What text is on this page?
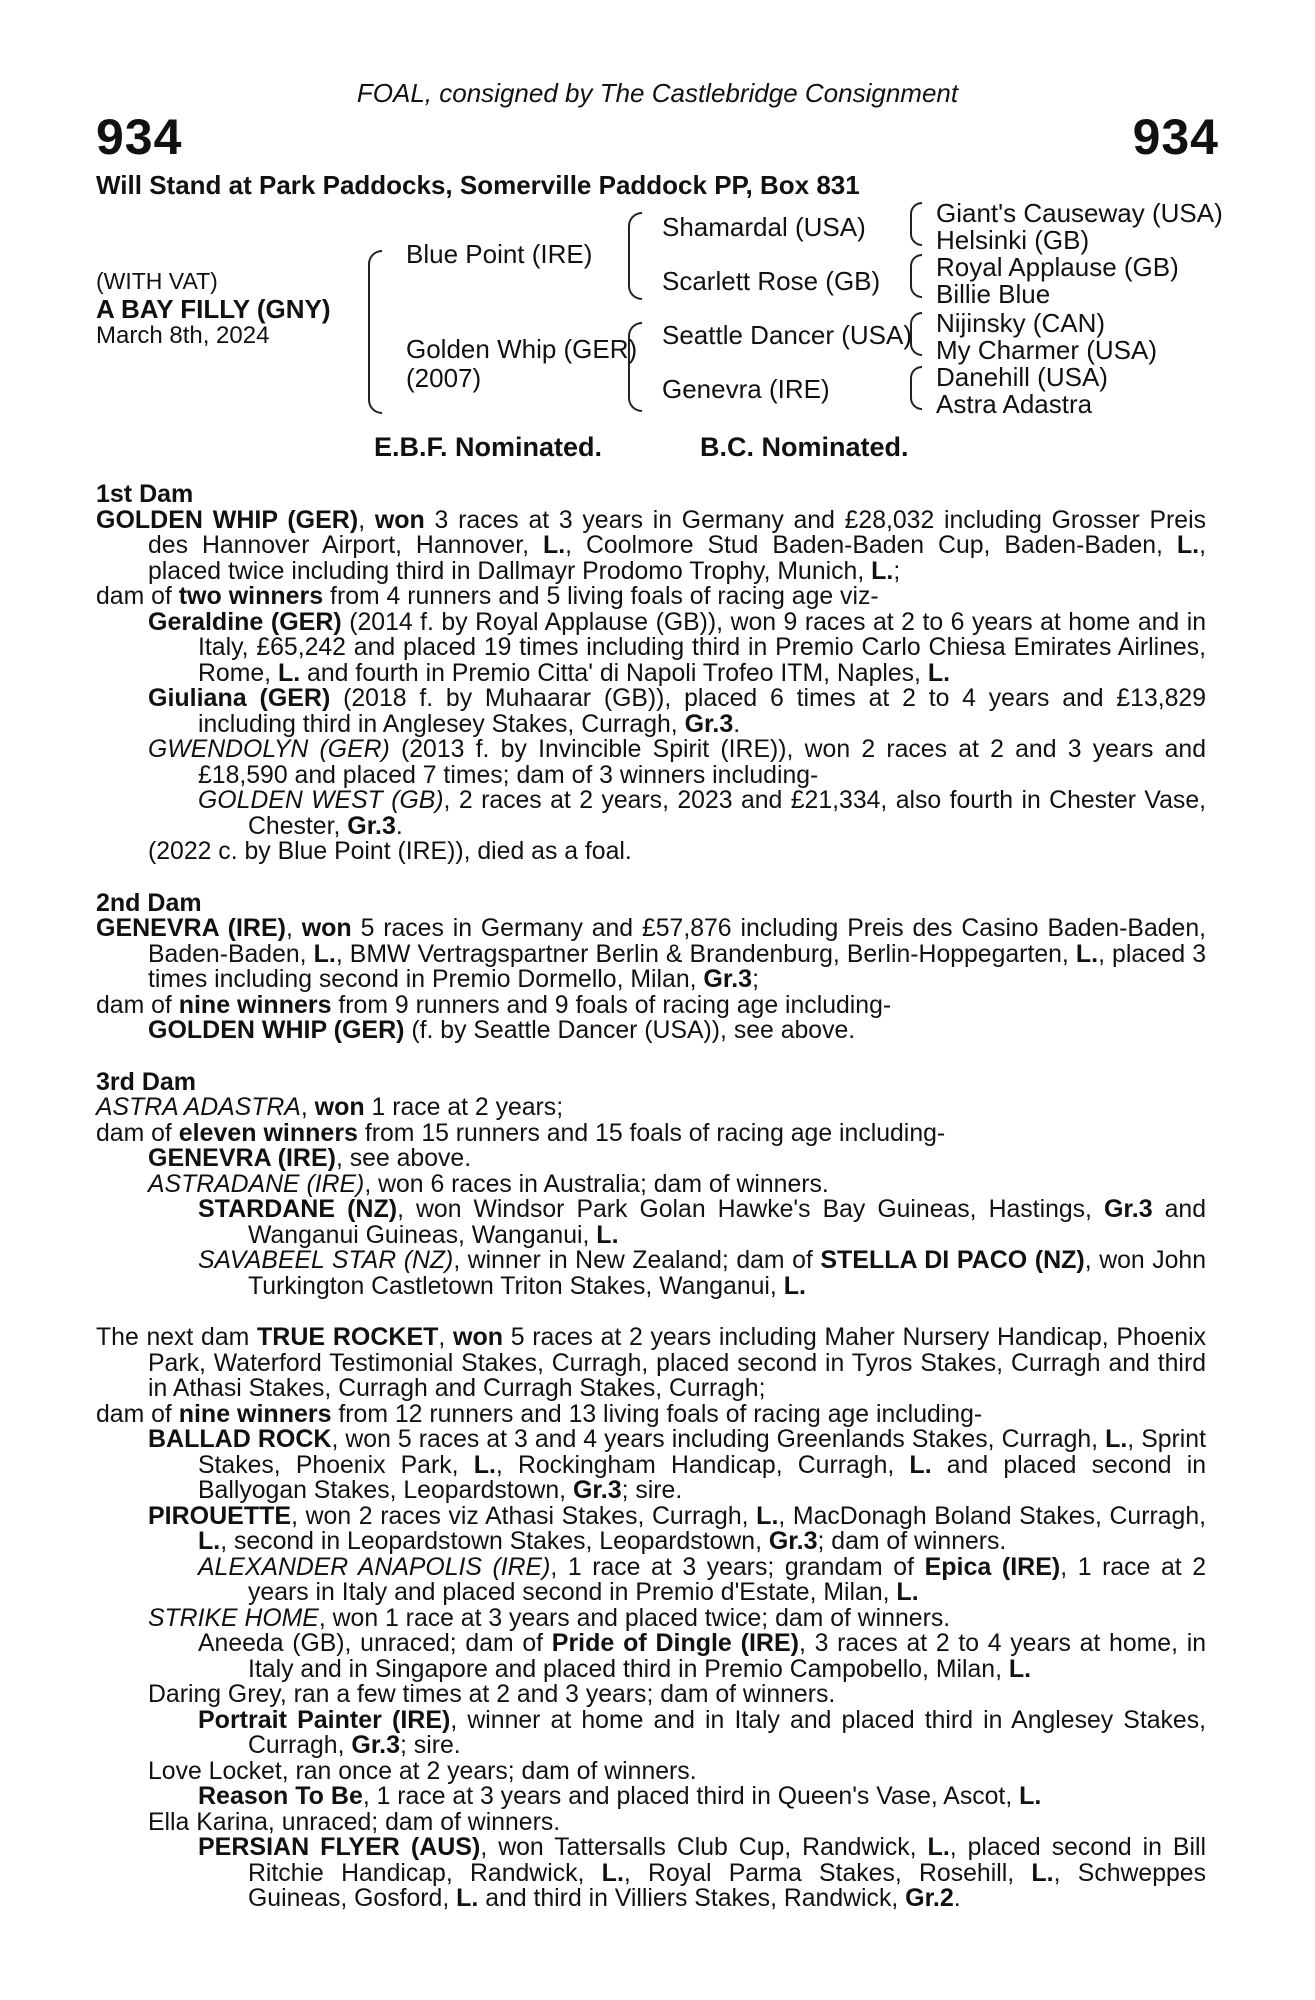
FOAL, consigned by The Castlebridge Consignment
934	934
Will Stand at Park Paddocks, Somerville Paddock PP, Box 831
(WITH VAT)
A BAY FILLY (GNY)
March 8th, 2024
Blue Point (IRE)
Golden Whip (GER)
(2007)
Shamardal (USA)
Scarlett Rose (GB)
Seattle Dancer (USA)
Genevra (IRE)
Giant's Causeway (USA)
Helsinki (GB)
Royal Applause (GB)
Billie Blue
Nijinsky (CAN)
My Charmer (USA)
Danehill (USA)
Astra Adastra
E.B.F. Nominated.	B.C. Nominated.
1st Dam

GOLDEN WHIP (GER), won 3 races at 3 years in Germany and £28,032 including Grosser Preis des Hannover Airport, Hannover, L., Coolmore Stud Baden-Baden Cup, Baden-Baden, L., placed twice including third in Dallmayr Prodomo Trophy, Munich, L.;

dam of two winners from 4 runners and 5 living foals of racing age viz-

Geraldine (GER) (2014 f. by Royal Applause (GB)), won 9 races at 2 to 6 years at home and in Italy, £65,242 and placed 19 times including third in Premio Carlo Chiesa Emirates Airlines, Rome, L. and fourth in Premio Citta' di Napoli Trofeo ITM, Naples, L.

Giuliana (GER) (2018 f. by Muhaarar (GB)), placed 6 times at 2 to 4 years and £13,829 including third in Anglesey Stakes, Curragh, Gr.3.

GWENDOLYN (GER) (2013 f. by Invincible Spirit (IRE)), won 2 races at 2 and 3 years and £18,590 and placed 7 times; dam of 3 winners including-

GOLDEN WEST (GB), 2 races at 2 years, 2023 and £21,334, also fourth in Chester Vase, Chester, Gr.3.

(2022 c. by Blue Point (IRE)), died as a foal.

2nd Dam

GENEVRA (IRE), won 5 races in Germany and £57,876 including Preis des Casino Baden-Baden, Baden-Baden, L., BMW Vertragspartner Berlin & Brandenburg, Berlin-Hoppegarten, L., placed 3 times including second in Premio Dormello, Milan, Gr.3;

dam of nine winners from 9 runners and 9 foals of racing age including-

GOLDEN WHIP (GER) (f. by Seattle Dancer (USA)), see above.

3rd Dam

ASTRA ADASTRA, won 1 race at 2 years;

dam of eleven winners from 15 runners and 15 foals of racing age including-

GENEVRA (IRE), see above.

ASTRADANE (IRE), won 6 races in Australia; dam of winners.

STARDANE (NZ), won Windsor Park Golan Hawke's Bay Guineas, Hastings, Gr.3 and Wanganui Guineas, Wanganui, L.

SAVABEEL STAR (NZ), winner in New Zealand; dam of STELLA DI PACO (NZ), won John Turkington Castletown Triton Stakes, Wanganui, L.

The next dam TRUE ROCKET, won 5 races at 2 years including Maher Nursery Handicap, Phoenix Park, Waterford Testimonial Stakes, Curragh, placed second in Tyros Stakes, Curragh and third in Athasi Stakes, Curragh and Curragh Stakes, Curragh;

dam of nine winners from 12 runners and 13 living foals of racing age including-

BALLAD ROCK, won 5 races at 3 and 4 years including Greenlands Stakes, Curragh, L., Sprint Stakes, Phoenix Park, L., Rockingham Handicap, Curragh, L. and placed second in Ballyogan Stakes, Leopardstown, Gr.3; sire.

PIROUETTE, won 2 races viz Athasi Stakes, Curragh, L., MacDonagh Boland Stakes, Curragh, L., second in Leopardstown Stakes, Leopardstown, Gr.3; dam of winners.

ALEXANDER ANAPOLIS (IRE), 1 race at 3 years; grandam of Epica (IRE), 1 race at 2 years in Italy and placed second in Premio d'Estate, Milan, L.

STRIKE HOME, won 1 race at 3 years and placed twice; dam of winners.

Aneeda (GB), unraced; dam of Pride of Dingle (IRE), 3 races at 2 to 4 years at home, in Italy and in Singapore and placed third in Premio Campobello, Milan, L.

Daring Grey, ran a few times at 2 and 3 years; dam of winners.

Portrait Painter (IRE), winner at home and in Italy and placed third in Anglesey Stakes, Curragh, Gr.3; sire.

Love Locket, ran once at 2 years; dam of winners.

Reason To Be, 1 race at 3 years and placed third in Queen's Vase, Ascot, L.

Ella Karina, unraced; dam of winners.

PERSIAN FLYER (AUS), won Tattersalls Club Cup, Randwick, L., placed second in Bill Ritchie Handicap, Randwick, L., Royal Parma Stakes, Rosehill, L., Schweppes Guineas, Gosford, L. and third in Villiers Stakes, Randwick, Gr.2.
